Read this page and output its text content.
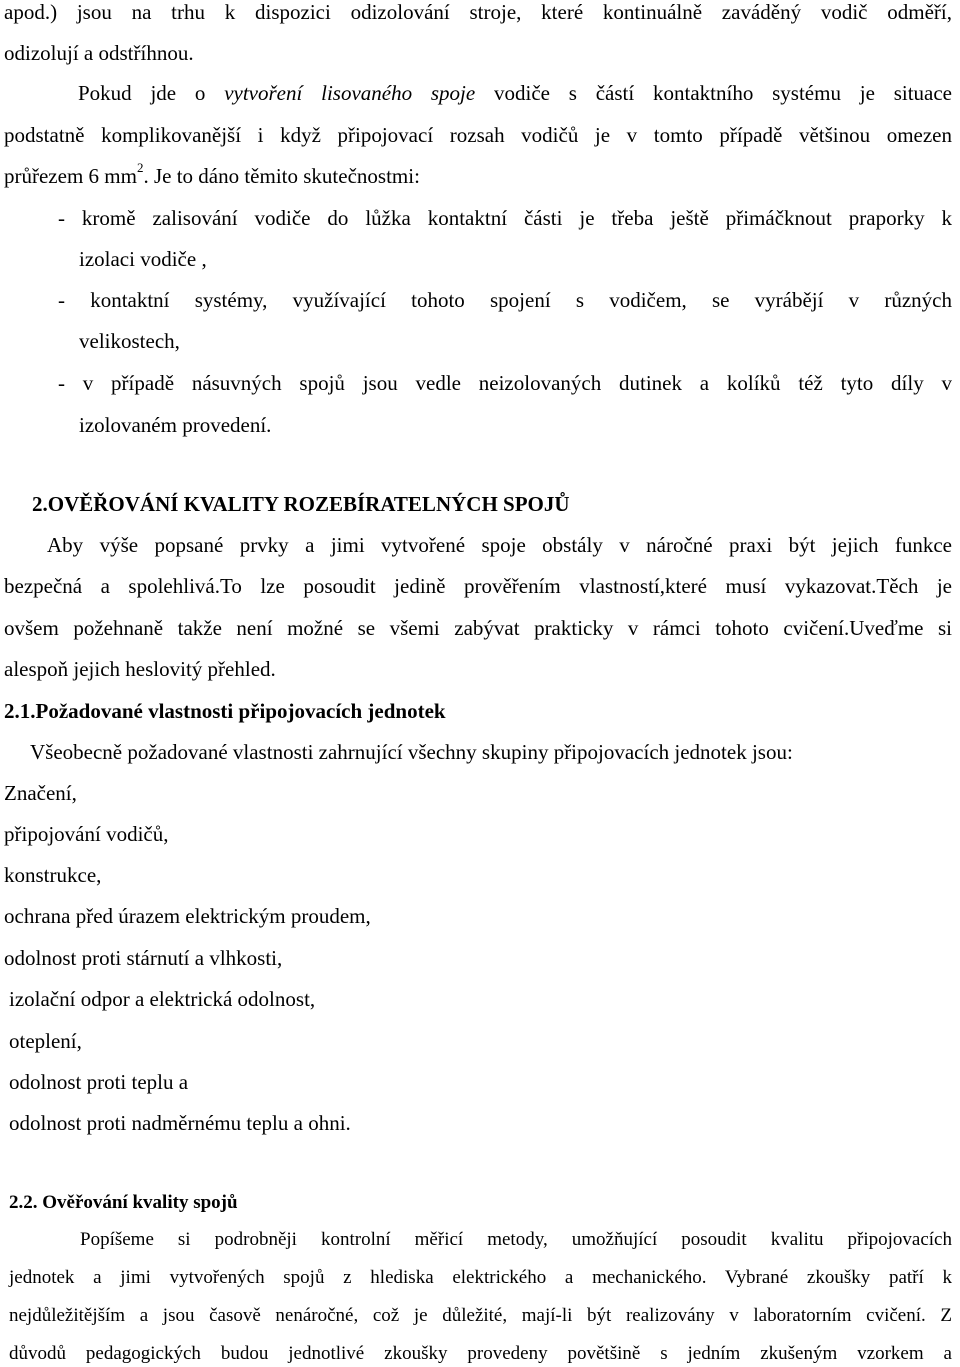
apod.) jsou na trhu k dispozici odizolování stroje, které kontinuálně zaváděný vodič odměří,
odizolují a odstříhnou.
Pokud jde o vytvoření lisovaného spoje vodiče s částí kontaktního systému je situace
podstatně komplikovanější i když připojovací rozsah vodičů je v tomto případě většinou omezen
průřezem 6 $mm^2$. Je to dáno těmito skutečnostmi:
- kromě zalisování vodiče do lůžka kontaktní části je třeba ještě přimáčknout praporky k
izolaci vodiče ,
- kontaktní systémy, využívající tohoto spojení s vodičem, se vyrábějí v různých
velikostech,
- v případě násuvných spojů jsou vedle neizolovaných dutinek a kolíků též tyto díly v
izolovaném provedení.
2.OVĚŘOVÁNÍ KVALITY ROZEBÍRATELNÝCH SPOJŮ
Aby výše popsané prvky a jimi vytvořené spoje obstály v náročné praxi být jejich funkce
bezpečná a spolehlivá.To lze posoudit jedině prověřením vlastností,které musí vykazovat.Těch je
ovšem požehnaně takže není možné se všemi zabývat prakticky v rámci tohoto cvičení.Uveďme si
alespoň jejich heslovitý přehled.
2.1.Požadované vlastnosti připojovacích jednotek
Všeobecně požadované vlastnosti zahrnující všechny skupiny připojovacích jednotek jsou:
Značení,
připojování vodičů,
konstrukce,
ochrana před úrazem elektrickým proudem,
odolnost proti stárnutí a vlhkosti,
izolační odpor a elektrická odolnost,
oteplení,
odolnost proti teplu a
odolnost proti nadměrnému teplu a ohni.
2.2. Ověřování kvality spojů
Popíšeme si podrobněji kontrolní měřicí metody, umožňující posoudit kvalitu připojovacích
jednotek a jimi vytvořených spojů z hlediska elektrického a mechanického. Vybrané zkoušky patří k
nejdůležitějším a jsou časově nenáročné, což je důležité, mají-li být realizovány v laboratorním cvičení. Z
důvodů pedagogických budou jednotlivé zkoušky provedeny povětšině s jedním zkušeným vzorkem a
